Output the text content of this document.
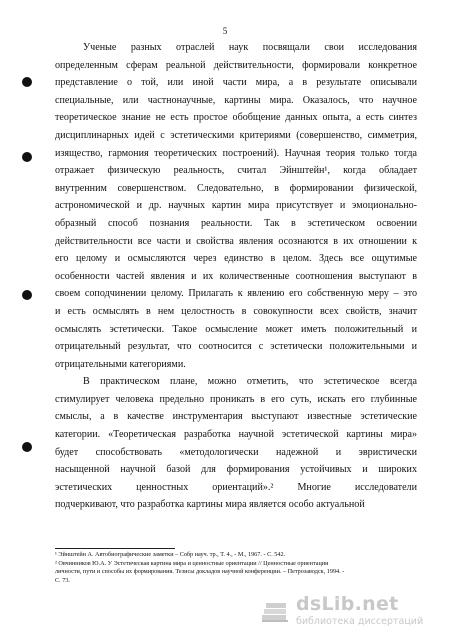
5
Ученые разных отраслей наук посвящали свои исследования
определенным сферам реальной действительности, формировали конкретное
представление о той, или иной части мира, а в результате описывали
специальные, или частнонаучные, картины мира. Оказалось, что научное
теоретическое знание не есть простое обобщение данных опыта, а есть синтез
дисциплинарных идей с эстетическими критериями (совершенство, симметрия,
изящество, гармония теоретических построений). Научная теория только тогда
отражает физическую реальность, считал Эйнштейн¹, когда обладает
внутренним совершенством. Следовательно, в формировании физической,
астрономической и др. научных картин мира присутствует и эмоционально-
образный способ познания реальности. Так в эстетическом освоении
действительности все части и свойства явления осознаются в их отношении к
его целому и осмысляются через единство в целом. Здесь все ощутимые
особенности частей явления и их количественные соотношения выступают в
своем соподчинении целому. Прилагать к явлению его собственную меру – это
и есть осмыслять в нем целостность в совокупности всех свойств, значит
осмыслять эстетически. Такое осмысление может иметь положительный и
отрицательный результат, что соотносится с эстетически положительными и
отрицательными категориями.
В практическом плане, можно отметить, что эстетическое всегда
стимулирует человека предельно проникать в его суть, искать его глубинные
смыслы, а в качестве инструментария выступают известные эстетические
категории. «Теоретическая разработка научной эстетической картины мира»
будет способствовать «методологически надежной и эвристически
насыщенной научной базой для формирования устойчивых и широких
эстетических ценностных ориентаций».² Многие исследователи
подчеркивают, что разработка картины мира является особо актуальной
¹ Эйнштейн А. Автобиографические заметки – Собр науч. тр., Т. 4., - М., 1967. - С. 542.
² Овчинников Ю.А. У Эстетическая картина мира и ценностные ориентации // Ценностные ориентации
личности, пути и способы их формирования. Тезисы докладов научной конференции. – Петрозаводск, 1994. -
С. 73.
dsLib.net
библиотека диссертаций
